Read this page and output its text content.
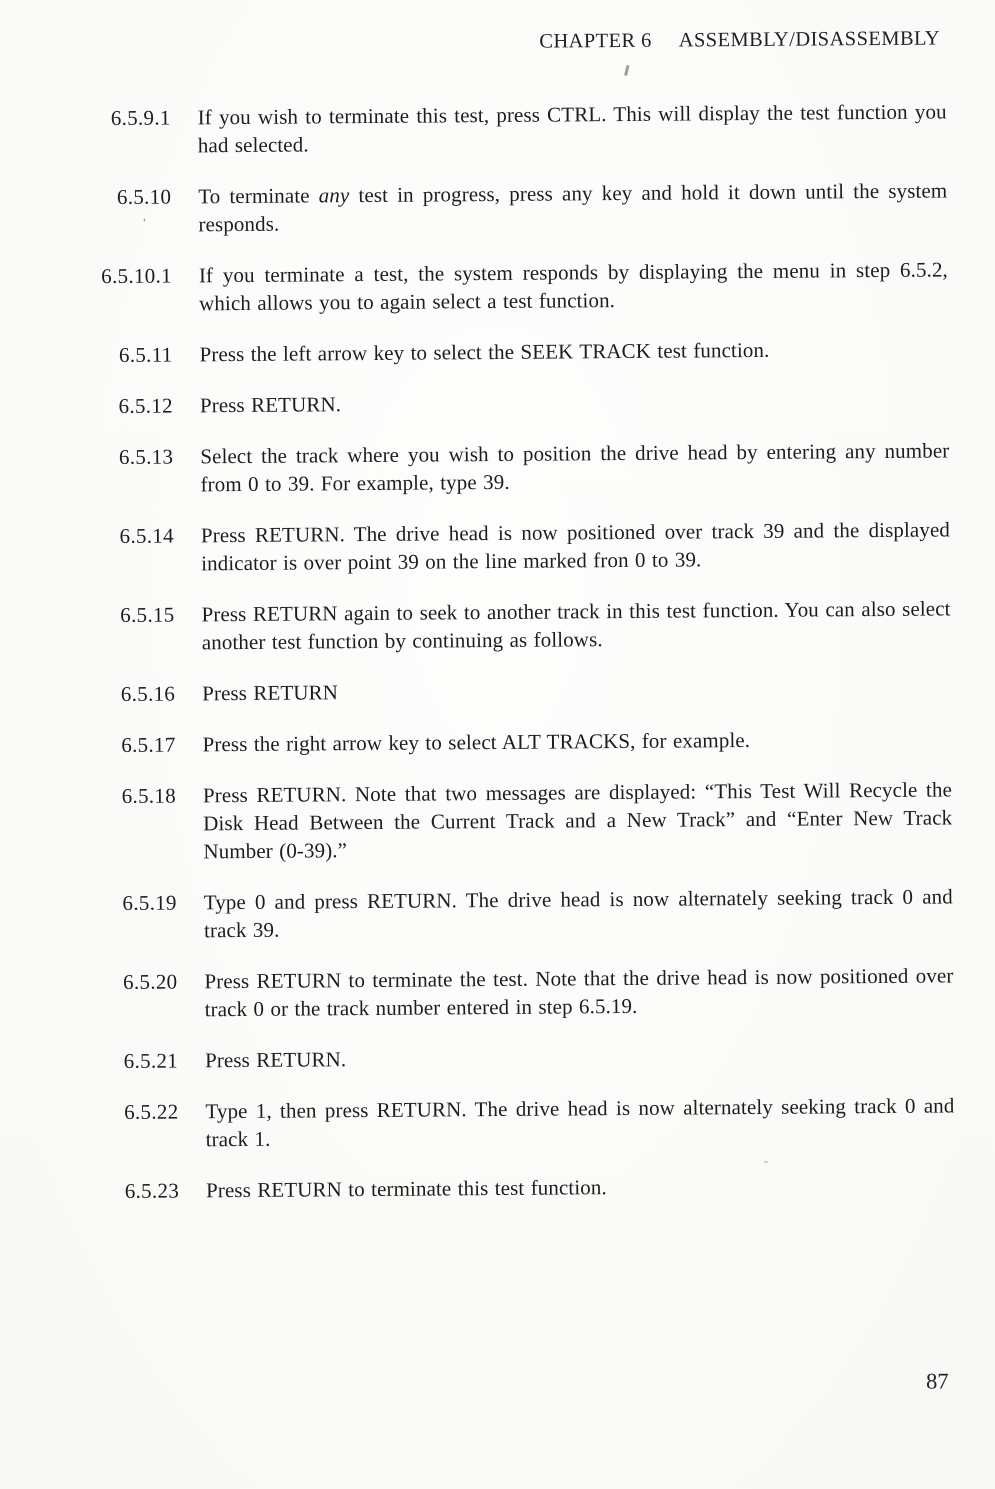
CHAPTER 6 ASSEMBLY/DISASSEMBLY
′′
6.5.9.1 If you wish to terminate this test, press CTRL. This will display the test function you had selected.
6.5.10 To terminate any test in progress, press any key and hold it down until the system responds.
6.5.10.1 If you terminate a test, the system responds by displaying the menu in step 6.5.2, which allows you to again select a test function.
6.5.11 Press the left arrow key to select the SEEK TRACK test function.
6.5.12 Press RETURN.
6.5.13 Select the track where you wish to position the drive head by entering any number from 0 to 39. For example, type 39.
6.5.14 Press RETURN. The drive head is now positioned over track 39 and the displayed indicator is over point 39 on the line marked fron 0 to 39.
6.5.15 Press RETURN again to seek to another track in this test function. You can also select another test function by continuing as follows.
6.5.16 Press RETURN
6.5.17 Press the right arrow key to select ALT TRACKS, for example.
6.5.18 Press RETURN. Note that two messages are displayed: “This Test Will Recycle the Disk Head Between the Current Track and a New Track” and “Enter New Track Number (0-39).”
6.5.19 Type 0 and press RETURN. The drive head is now alternately seeking track 0 and track 39.
6.5.20 Press RETURN to terminate the test. Note that the drive head is now positioned over track 0 or the track number entered in step 6.5.19.
6.5.21 Press RETURN.
6.5.22 Type 1, then press RETURN. The drive head is now alternately seeking track 0 and track 1.
6.5.23 Press RETURN to terminate this test function.
87
